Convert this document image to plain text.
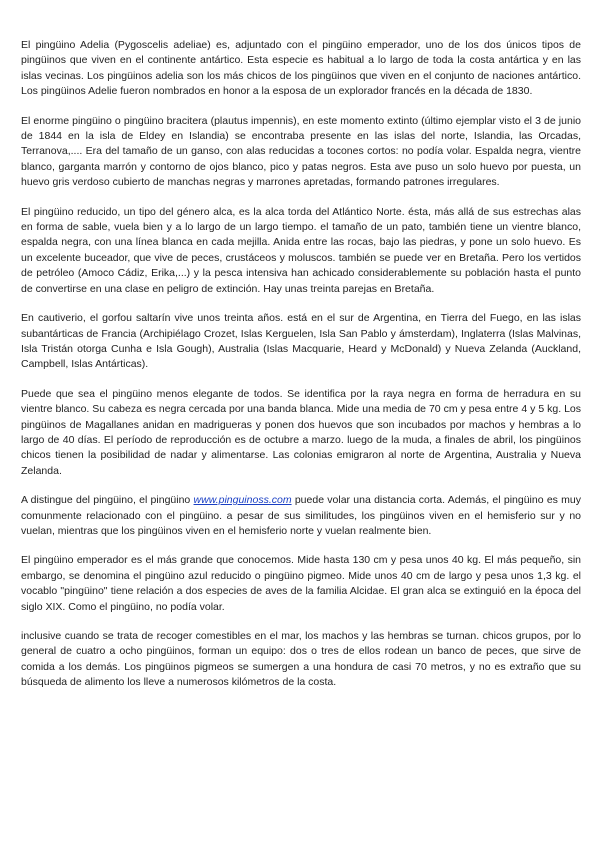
El pingüino Adelia (Pygoscelis adeliae) es, adjuntado con el pingüino emperador, uno de los dos únicos tipos de pingüinos que viven en el continente antártico. Esta especie es habitual a lo largo de toda la costa antártica y en las islas vecinas. Los pingüinos adelia son los más chicos de los pingüinos que viven en el conjunto de naciones antártico. Los pingüinos Adelie fueron nombrados en honor a la esposa de un explorador francés en la década de 1830.

El enorme pingüino o pingüino bracitera (plautus impennis), en este momento extinto (último ejemplar visto el 3 de junio de 1844 en la isla de Eldey en Islandia) se encontraba presente en las islas del norte, Islandia, las Orcadas, Terranova,.... Era del tamaño de un ganso, con alas reducidas a tocones cortos: no podía volar. Espalda negra, vientre blanco, garganta marrón y contorno de ojos blanco, pico y patas negros. Esta ave puso un solo huevo por puesta, un huevo gris verdoso cubierto de manchas negras y marrones apretadas, formando patrones irregulares.

El pingüino reducido, un tipo del género alca, es la alca torda del Atlántico Norte. ésta, más allá de sus estrechas alas en forma de sable, vuela bien y a lo largo de un largo tiempo. el tamaño de un pato, también tiene un vientre blanco, espalda negra, con una línea blanca en cada mejilla. Anida entre las rocas, bajo las piedras, y pone un solo huevo. Es un excelente buceador, que vive de peces, crustáceos y moluscos. también se puede ver en Bretaña. Pero los vertidos de petróleo (Amoco Cádiz, Erika,...) y la pesca intensiva han achicado considerablemente su población hasta el punto de convertirse en una clase en peligro de extinción. Hay unas treinta parejas en Bretaña.

En cautiverio, el gorfou saltarín vive unos treinta años. está en el sur de Argentina, en Tierra del Fuego, en las islas subantárticas de Francia (Archipiélago Crozet, Islas Kerguelen, Isla San Pablo y ámsterdam), Inglaterra (Islas Malvinas, Isla Tristán otorga Cunha e Isla Gough), Australia (Islas Macquarie, Heard y McDonald) y Nueva Zelanda (Auckland, Campbell, Islas Antárticas).

Puede que sea el pingüino menos elegante de todos. Se identifica por la raya negra en forma de herradura en su vientre blanco. Su cabeza es negra cercada por una banda blanca. Mide una media de 70 cm y pesa entre 4 y 5 kg. Los pingüinos de Magallanes anidan en madrigueras y ponen dos huevos que son incubados por machos y hembras a lo largo de 40 días. El período de reproducción es de octubre a marzo. luego de la muda, a finales de abril, los pingüinos chicos tienen la posibilidad de nadar y alimentarse. Las colonias emigraron al norte de Argentina, Australia y Nueva Zelanda.

A distingue del pingüino, el pingüino www.pinguinoss.com puede volar una distancia corta. Además, el pingüino es muy comunmente relacionado con el pingüino. a pesar de sus similitudes, los pingüinos viven en el hemisferio sur y no vuelan, mientras que los pingüinos viven en el hemisferio norte y vuelan realmente bien.

El pingüino emperador es el más grande que conocemos. Mide hasta 130 cm y pesa unos 40 kg. El más pequeño, sin embargo, se denomina el pingüino azul reducido o pingüino pigmeo. Mide unos 40 cm de largo y pesa unos 1,3 kg. el vocablo "pingüino" tiene relación a dos especies de aves de la familia Alcidae. El gran alca se extinguió en la época del siglo XIX. Como el pingüino, no podía volar.

inclusive cuando se trata de recoger comestibles en el mar, los machos y las hembras se turnan. chicos grupos, por lo general de cuatro a ocho pingüinos, forman un equipo: dos o tres de ellos rodean un banco de peces, que sirve de comida a los demás. Los pingüinos pigmeos se sumergen a una hondura de casi 70 metros, y no es extraño que su búsqueda de alimento los lleve a numerosos kilómetros de la costa.
